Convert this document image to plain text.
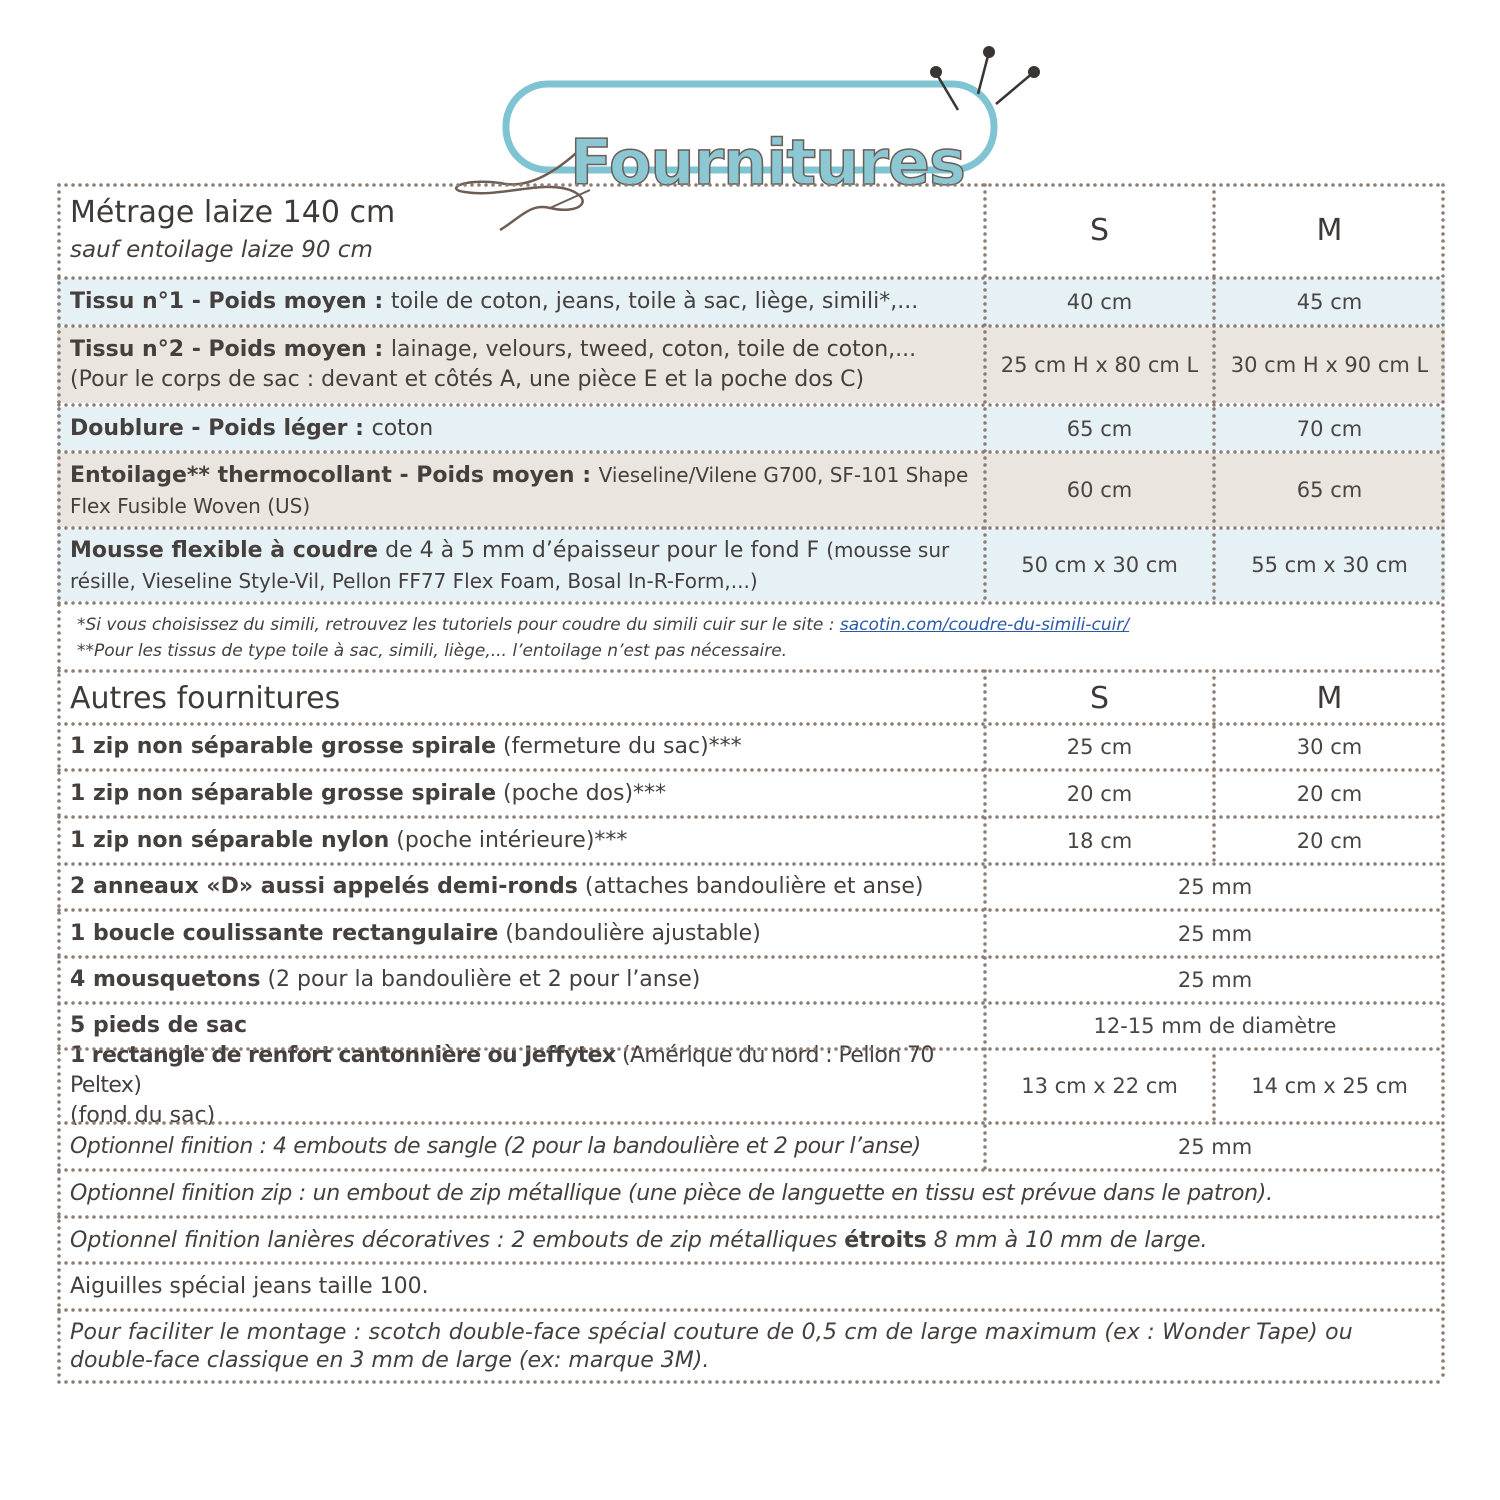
Fournitures
Métrage laize 140 cm
sauf entoilage laize 90 cm
S	M
Tissu n°1 - Poids moyen : toile de coton, jeans, toile à sac, liège, simili*,...	40 cm	45 cm
Tissu n°2 - Poids moyen : lainage, velours, tweed, coton, toile de coton,...
(Pour le corps de sac : devant et côtés A, une pièce E et la poche dos C)
25 cm H x 80 cm L	30 cm H x 90 cm L
Doublure - Poids léger : coton	65 cm	70 cm
Entoilage** thermocollant - Poids moyen : Vieseline/Vilene G700, SF-101 Shape
Flex Fusible Woven (US)
60 cm	65 cm
Mousse flexible à coudre de 4 à 5 mm d’épaisseur pour le fond F (mousse sur
résille, Vieseline Style-Vil, Pellon FF77 Flex Foam, Bosal In-R-Form,...)
50 cm x 30 cm	55 cm x 30 cm
*Si vous choisissez du simili, retrouvez les tutoriels pour coudre du simili cuir sur le site : sacotin.com/coudre-du-simili-cuir/
**Pour les tissus de type toile à sac, simili, liège,... l’entoilage n’est pas nécessaire.
Autres fournitures	S	M
1 zip non séparable grosse spirale (fermeture du sac)***	25 cm	30 cm
1 zip non séparable grosse spirale (poche dos)***	20 cm	20 cm
1 zip non séparable nylon (poche intérieure)***	18 cm	20 cm
2 anneaux «D» aussi appelés demi-ronds (attaches bandoulière et anse)	25 mm
1 boucle coulissante rectangulaire (bandoulière ajustable)	25 mm
4 mousquetons (2 pour la bandoulière et 2 pour l’anse)	25 mm
5 pieds de sac	12-15 mm de diamètre
1 rectangle de renfort cantonnière ou Jeffytex (Amérique du nord : Pellon 70 Peltex)
(fond du sac)
13 cm x 22 cm	14 cm x 25 cm
Optionnel finition : 4 embouts de sangle (2 pour la bandoulière et 2 pour l’anse)	25 mm
Optionnel finition zip : un embout de zip métallique (une pièce de languette en tissu est prévue dans le patron).
Optionnel finition lanières décoratives : 2 embouts de zip métalliques étroits 8 mm à 10 mm de large.
Aiguilles spécial jeans taille 100.
Pour faciliter le montage : scotch double-face spécial couture de 0,5 cm de large maximum (ex : Wonder Tape) ou
double-face classique en 3 mm de large (ex: marque 3M).
